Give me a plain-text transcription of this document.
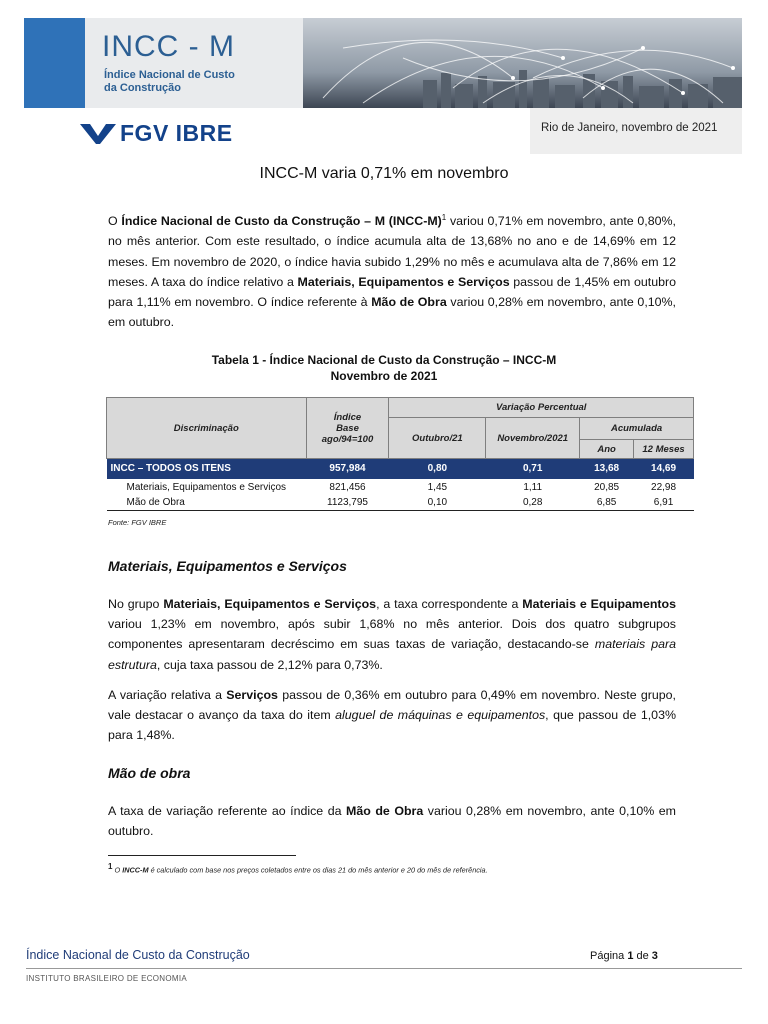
INCC - M
Índice Nacional de Custo
da Construção
FGV IBRE	Rio de Janeiro, novembro de 2021
INCC-M varia 0,71% em novembro

O Índice Nacional de Custo da Construção – M (INCC-M)$^1$ variou 0,71% em novembro, ante 0,80%, no mês anterior. Com este resultado, o índice acumula alta de 13,68% no ano e de 14,69% em 12 meses. Em novembro de 2020, o índice havia subido 1,29% no mês e acumulava alta de 7,86% em 12 meses. A taxa do índice relativo a Materiais, Equipamentos e Serviços passou de 1,45% em outubro para 1,11% em novembro. O índice referente à Mão de Obra variou 0,28% em novembro, ante 0,10%, em outubro.

Tabela 1 - Índice Nacional de Custo da Construção – INCC-M
Novembro de 2021
Discriminação	Índice
Base
ago/94=100	Variação Percentual			
		Outubro/21	Novembro/2021	Acumulada	
				Ano	12 Meses
INCC – TODOS OS ITENS	957,984	0,80	0,71	13,68	14,69
Materiais, Equipamentos e Serviços	821,456	1,45	1,11	20,85	22,98
Mão de Obra	1123,795	0,10	0,28	6,85	6,91
Fonte: FGV IBRE
Materiais, Equipamentos e Serviços

No grupo Materiais, Equipamentos e Serviços, a taxa correspondente a Materiais e Equipamentos variou 1,23% em novembro, após subir 1,68% no mês anterior. Dois dos quatro subgrupos componentes apresentaram decréscimo em suas taxas de variação, destacando-se materiais para estrutura, cuja taxa passou de 2,12% para 0,73%.

A variação relativa a Serviços passou de 0,36% em outubro para 0,49% em novembro. Neste grupo, vale destacar o avanço da taxa do item aluguel de máquinas e equipamentos, que passou de 1,03% para 1,48%.

Mão de obra

A taxa de variação referente ao índice da Mão de Obra variou 0,28% em novembro, ante 0,10% em outubro.

$^1$ O INCC-M é calculado com base nos preços coletados entre os dias 21 do mês anterior e 20 do mês de referência.
Índice Nacional de Custo da Construção
INSTITUTO BRASILEIRO DE ECONOMIA
Página 1 de 3
